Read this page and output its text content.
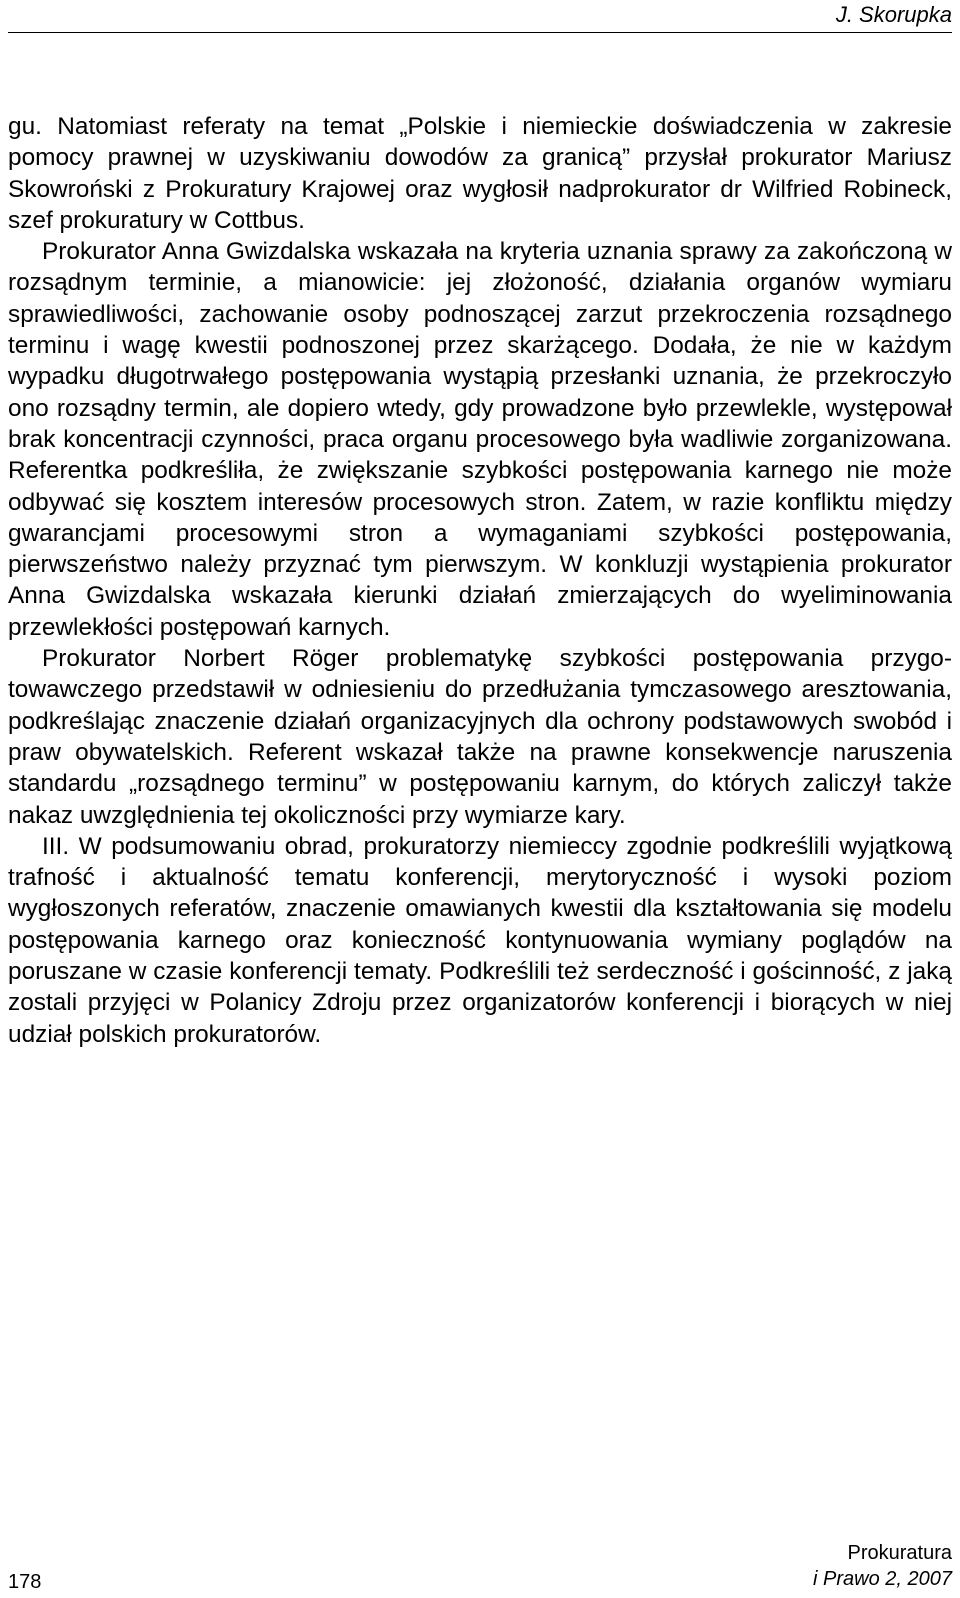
J. Skorupka

gu. Natomiast referaty na temat „Polskie i niemieckie doświadczenia w zakresie pomocy prawnej w uzyskiwaniu dowodów za granicą” przysłał prokurator Mariusz Skowroński z Prokuratury Krajowej oraz wygłosił nadprokurator dr Wilfried Robineck, szef prokuratury w Cottbus.

Prokurator Anna Gwizdalska wskazała na kryteria uznania sprawy za zakończoną w rozsądnym terminie, a mianowicie: jej złożoność, działania organów wymiaru sprawiedliwości, zachowanie osoby podnoszącej zarzut przekroczenia rozsądnego terminu i wagę kwestii podnoszonej przez skarżącego. Dodała, że nie w każdym wypadku długotrwałego postępowania wystąpią przesłanki uznania, że przekroczyło ono rozsądny termin, ale dopiero wtedy, gdy prowadzone było przewlekle, występował brak koncentracji czynności, praca organu procesowego była wadliwie zorganizowana. Referentka podkreśliła, że zwiększanie szybkości postępowania karnego nie może odbywać się kosztem interesów procesowych stron. Zatem, w razie konfliktu między gwarancjami procesowymi stron a wymaganiami szybkości postępowania, pierwszeństwo należy przyznać tym pierwszym. W konkluzji wystąpienia prokurator Anna Gwizdalska wskazała kierunki działań zmierzających do wyeliminowania przewlekłości postępowań karnych.

Prokurator Norbert Röger problematykę szybkości postępowania przygotowawczego przedstawił w odniesieniu do przedłużania tymczasowego aresztowania, podkreślając znaczenie działań organizacyjnych dla ochrony podstawowych swobód i praw obywatelskich. Referent wskazał także na prawne konsekwencje naruszenia standardu „rozsądnego terminu” w postępowaniu karnym, do których zaliczył także nakaz uwzględnienia tej okoliczności przy wymiarze kary.

III. W podsumowaniu obrad, prokuratorzy niemieccy zgodnie podkreślili wyjątkową trafność i aktualność tematu konferencji, merytoryczność i wysoki poziom wygłoszonych referatów, znaczenie omawianych kwestii dla kształtowania się modelu postępowania karnego oraz konieczność kontynuowania wymiany poglądów na poruszane w czasie konferencji tematy. Podkreślili też serdeczność i gościnność, z jaką zostali przyjęci w Polanicy Zdroju przez organizatorów konferencji i biorących w niej udział polskich prokuratorów.

178
Prokuratura
i Prawo 2, 2007
